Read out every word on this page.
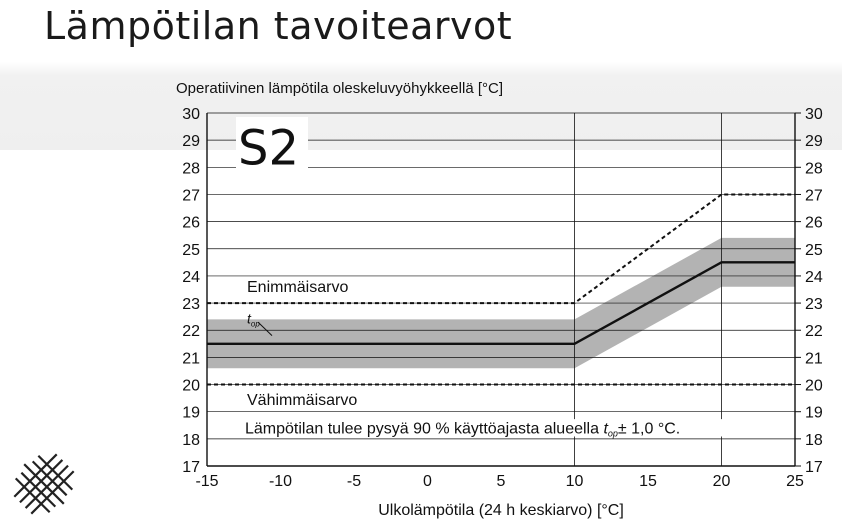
Lämpötilan tavoitearvot
Operatiivinen lämpötila oleskeluvyöhykkeellä [°C]
17	17
18	18
19	19
20	20
21	21
22	22
23	23
24	24
25	25
26	26
27	27
28	28
29	29
30	30
-15	-10	-5	0	5	10	15	20	25
S2
Enimmäisarvo
Vähimmäisarvo
$t_{op}$
Lämpötilan tulee pysyä 90 % käyttöajasta alueella top± 1,0 °C.
Ulkolämpötila (24 h keskiarvo) [°C]
